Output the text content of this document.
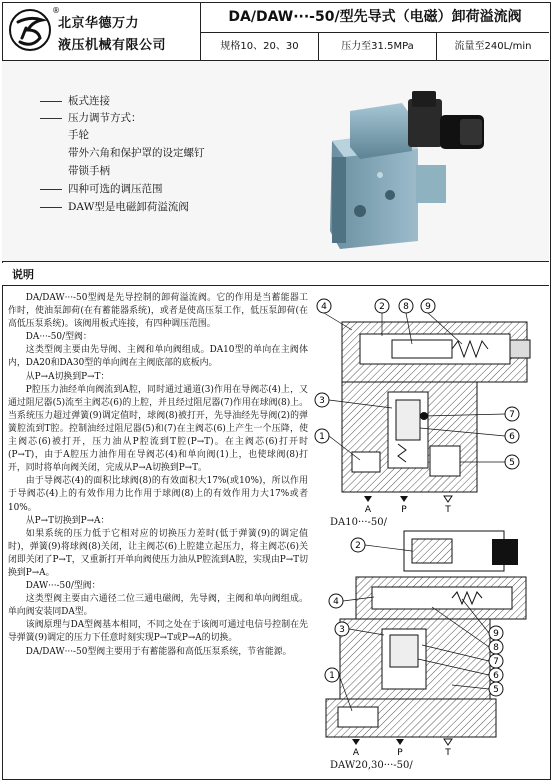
®
北京华德万力
液压机械有限公司
DA/DAW···-50/型先导式（电磁）卸荷溢流阀
规格10、20、30	压力至31.5MPa	流量至240L/min
板式连接
压力调节方式：
手轮
带外六角和保护罩的设定螺钉
带锁手柄
四种可选的调压范围
DAW型是电磁卸荷溢流阀
说明

DA/DAW···-50型阀是先导控制的卸荷溢流阀。它的作用是当蓄能器工作时，使油泵卸荷(在有蓄能器系统)，或者是使高压泵工作，低压泵卸荷(在高低压泵系统)。该阀用板式连接，有四种调压范围。

DA···-50/型阀：

这类型阀主要由先导阀、主阀和单向阀组成。DA10型的单向在主阀体内，DA20和DA30型的单向阀在主阀底部的底板内。

从P→A切换到P→T：

P腔压力油经单向阀流到A腔，同时通过通道(3)作用在导阀芯(4)上，又通过阻尼器(5)流至主阀芯(6)的上腔，并且经过阻尼器(7)作用在球阀(8)上。当系统压力超过弹簧(9)调定值时，球阀(8)被打开，先导油经先导阀(2)的弹簧腔流到T腔。控制油经过阻尼器(5)和(7)在主阀芯(6)上产生一个压降，使主阀芯(6)被打开，压力油从P腔流到T腔(P→T)。在主阀芯(6)打开时(P→T)，由于A腔压力油作用在导阀芯(4)和单向阀(1)上，也使球阀(8)打开，同时将单向阀关闭，完成从P→A切换到P→T。

由于导阀芯(4)的面积比球阀(8)的有效面积大17%(或10%)，所以作用于导阀芯(4)上的有效作用力比作用于球阀(8)上的有效作用力大17%或者10%。

从P→T切换到P→A：

如果系统的压力低于它相对应的切换压力差时(低于弹簧(9)的调定值时)，弹簧(9)将球阀(8)关闭，让主阀芯(6)上腔建立起压力，将主阀芯(6)关闭即关闭了P→T，又重新打开单向阀使压力油从P腔流到A腔，实现由P→T切换到P→A。

DAW···-50/型阀：

这类型阀主要由六通径二位三通电磁阀，先导阀，主阀和单向阀组成。单向阀安装同DA型。

该阀原理与DA型阀基本相同，不同之处在于该阀可通过电信号控制在先导弹簧(9)调定的压力下任意时刻实现P→T或P→A的切换。

DA/DAW···-50型阀主要用于有蓄能器和高低压泵系统，节省能源。

4	2 8 9
3
1
7
6
5
A	P	T
DA10···-50/
2
4
3
1
9
8
7
6
5
A	P	T
DAW20,30···-50/
